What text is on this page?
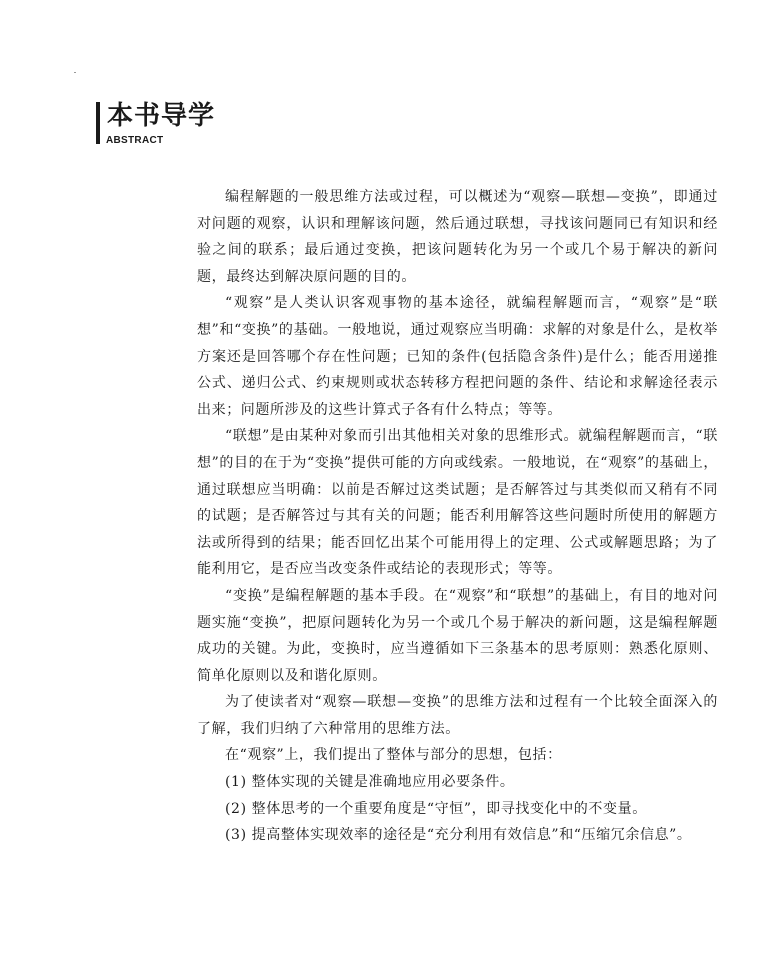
本书导学
ABSTRACT

编程解题的一般思维方法或过程，可以概述为“观察—联想—变换”，即通过对问题的观察，认识和理解该问题，然后通过联想，寻找该问题同已有知识和经验之间的联系；最后通过变换，把该问题转化为另一个或几个易于解决的新问题，最终达到解决原问题的目的。

“观察”是人类认识客观事物的基本途径，就编程解题而言，“观察”是“联想”和“变换”的基础。一般地说，通过观察应当明确：求解的对象是什么，是枚举方案还是回答哪个存在性问题；已知的条件(包括隐含条件)是什么；能否用递推公式、递归公式、约束规则或状态转移方程把问题的条件、结论和求解途径表示出来；问题所涉及的这些计算式子各有什么特点；等等。

“联想”是由某种对象而引出其他相关对象的思维形式。就编程解题而言，“联想”的目的在于为“变换”提供可能的方向或线索。一般地说，在“观察”的基础上，通过联想应当明确：以前是否解过这类试题；是否解答过与其类似而又稍有不同的试题；是否解答过与其有关的问题；能否利用解答这些问题时所使用的解题方法或所得到的结果；能否回忆出某个可能用得上的定理、公式或解题思路；为了能利用它，是否应当改变条件或结论的表现形式；等等。

“变换”是编程解题的基本手段。在“观察”和“联想”的基础上，有目的地对问题实施“变换”，把原问题转化为另一个或几个易于解决的新问题，这是编程解题成功的关键。为此，变换时，应当遵循如下三条基本的思考原则：熟悉化原则、简单化原则以及和谐化原则。

为了使读者对“观察—联想—变换”的思维方法和过程有一个比较全面深入的了解，我们归纳了六种常用的思维方法。

在“观察”上，我们提出了整体与部分的思想，包括：

(1) 整体实现的关键是准确地应用必要条件。

(2) 整体思考的一个重要角度是“守恒”，即寻找变化中的不变量。

(3) 提高整体实现效率的途径是“充分利用有效信息”和“压缩冗余信息”。
